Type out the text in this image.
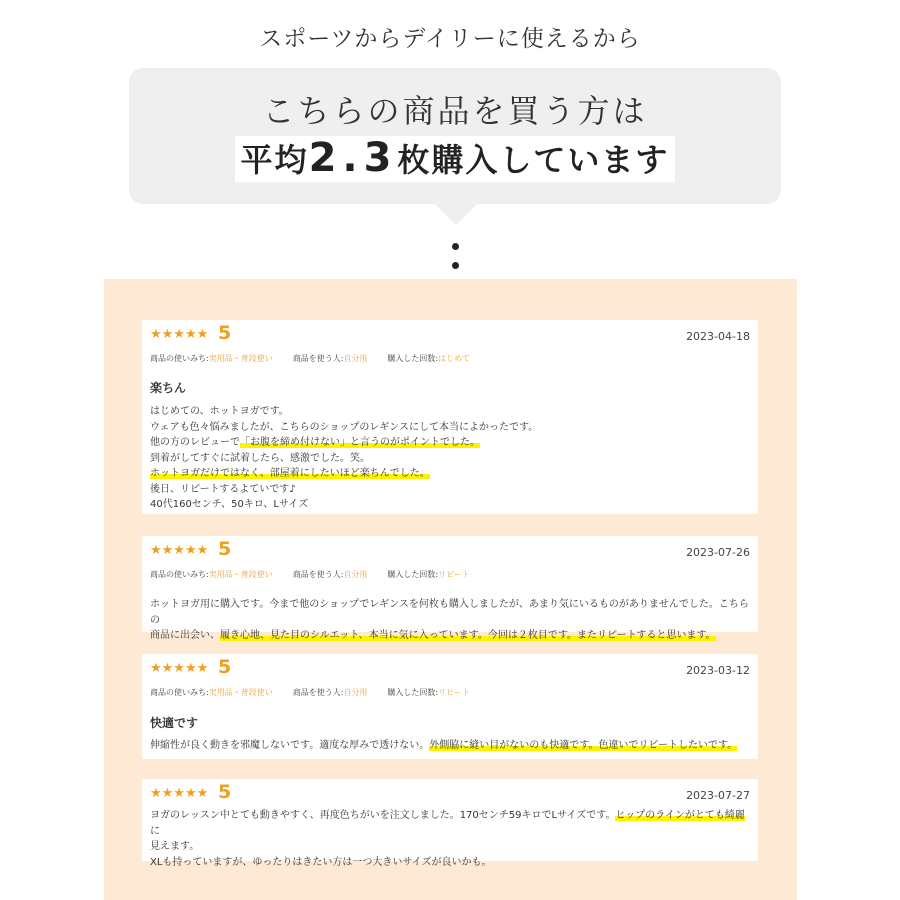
スポーツからデイリーに使えるから
こちらの商品を買う方は
平均2.3枚購入しています
★★★★★ 5	2023-04-18
商品の使いみち:実用品・普段使い	商品を使う人:自分用	購入した回数:はじめて
楽ちん
はじめての、ホットヨガです。
ウェアも色々悩みましたが、こちらのショップのレギンスにして本当によかったです。
他の方のレビューで「お腹を締め付けない」と言うのがポイントでした。
到着がしてすぐに試着したら、感激でした。笑。
ホットヨガだけではなく、部屋着にしたいほど楽ちんでした。
後日、リピートするよていです♪
40代160センチ、50キロ、Lサイズ
★★★★★ 5	2023-07-26
商品の使いみち:実用品・普段使い	商品を使う人:自分用	購入した回数:リピート
ホットヨガ用に購入です。今まで他のショップでレギンスを何枚も購入しましたが、あまり気にいるものがありませんでした。こちらの
商品に出会い、履き心地、見た目のシルエット、本当に気に入っています。今回は２枚目です。またリピートすると思います。
★★★★★ 5	2023-03-12
商品の使いみち:実用品・普段使い	商品を使う人:自分用	購入した回数:リピート
快適です
伸縮性が良く動きを邪魔しないです。適度な厚みで透けない。外側脇に縫い目がないのも快適です。色違いでリピートしたいです。
★★★★★ 5	2023-07-27
ヨガのレッスン中とても動きやすく、再度色ちがいを注文しました。170センチ59キロでLサイズです。ヒップのラインがとても綺麗に
見えます。
XLも持っていますが、ゆったりはきたい方は一つ大きいサイズが良いかも。
